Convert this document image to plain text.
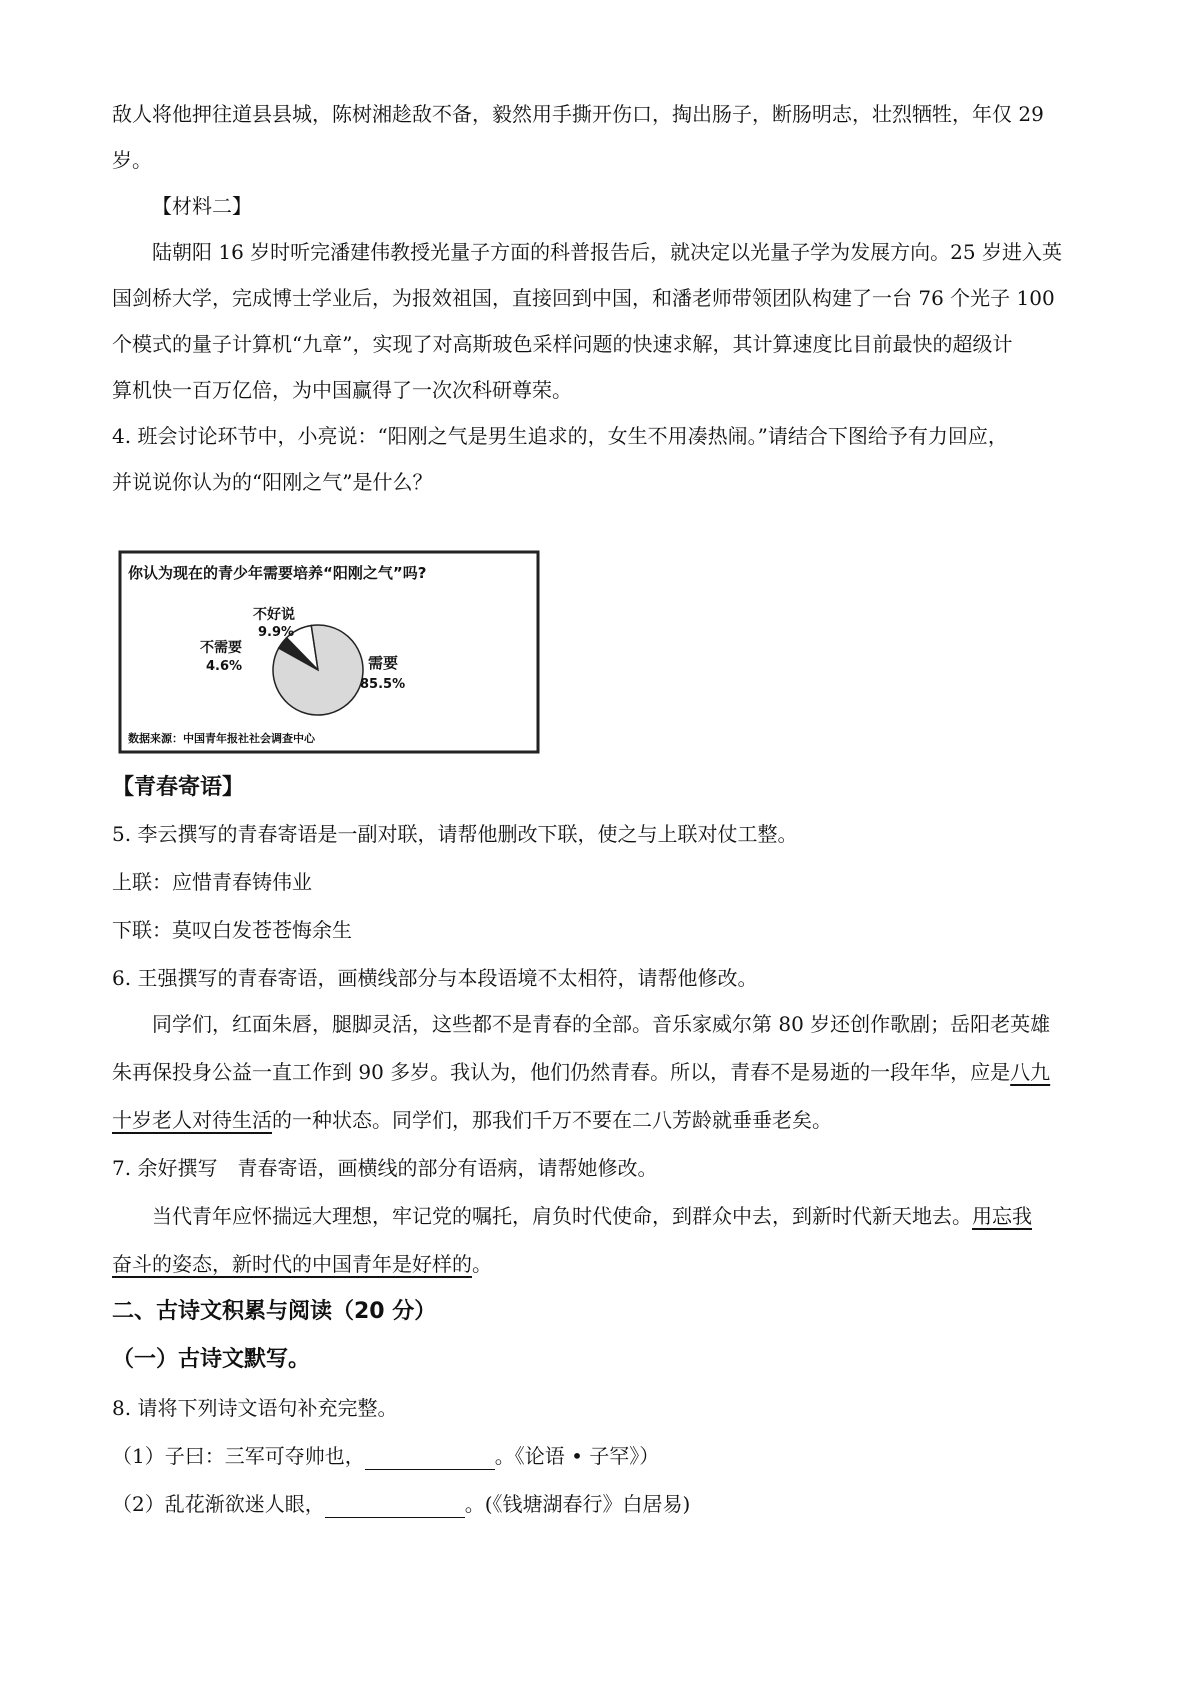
敌人将他押往道县县城，陈树湘趁敌不备，毅然用手撕开伤口，掏出肠子，断肠明志，壮烈牺牲，年仅 29
岁。
【材料二】
陆朝阳 16 岁时听完潘建伟教授光量子方面的科普报告后，就决定以光量子学为发展方向。25 岁进入英
国剑桥大学，完成博士学业后，为报效祖国，直接回到中国，和潘老师带领团队构建了一台 76 个光子 100
个模式的量子计算机“九章”，实现了对高斯玻色采样问题的快速求解，其计算速度比目前最快的超级计
算机快一百万亿倍，为中国赢得了一次次科研尊荣。
4. 班会讨论环节中，小亮说：“阳刚之气是男生追求的，女生不用凑热闹。”请结合下图给予有力回应，
并说说你认为的“阳刚之气”是什么？
你认为现在的青少年需要培养“阳刚之气”吗?
不好说
9.9%
不需要
4.6%	需要
85.5%
数据来源：中国青年报社社会调查中心
【青春寄语】
5. 李云撰写的青春寄语是一副对联，请帮他删改下联，使之与上联对仗工整。
上联：应惜青春铸伟业
下联：莫叹白发苍苍悔余生
6. 王强撰写的青春寄语，画横线部分与本段语境不太相符，请帮他修改。
同学们，红面朱唇，腿脚灵活，这些都不是青春的全部。音乐家威尔第 80 岁还创作歌剧；岳阳老英雄
朱再保投身公益一直工作到 90 多岁。我认为，他们仍然青春。所以，青春不是易逝的一段年华，应是八九
十岁老人对待生活的一种状态。同学们，那我们千万不要在二八芳龄就垂垂老矣。
7. 余好撰写　青春寄语，画横线的部分有语病，请帮她修改。
当代青年应怀揣远大理想，牢记党的嘱托，肩负时代使命，到群众中去，到新时代新天地去。用忘我
奋斗的姿态，新时代的中国青年是好样的。
二、古诗文积累与阅读（20 分）
（一）古诗文默写。
8. 请将下列诗文语句补充完整。
（1）子曰：三军可夺帅也，	。《论语 • 子罕》）
（2）乱花渐欲迷人眼，	。(《钱塘湖春行》白居易)
